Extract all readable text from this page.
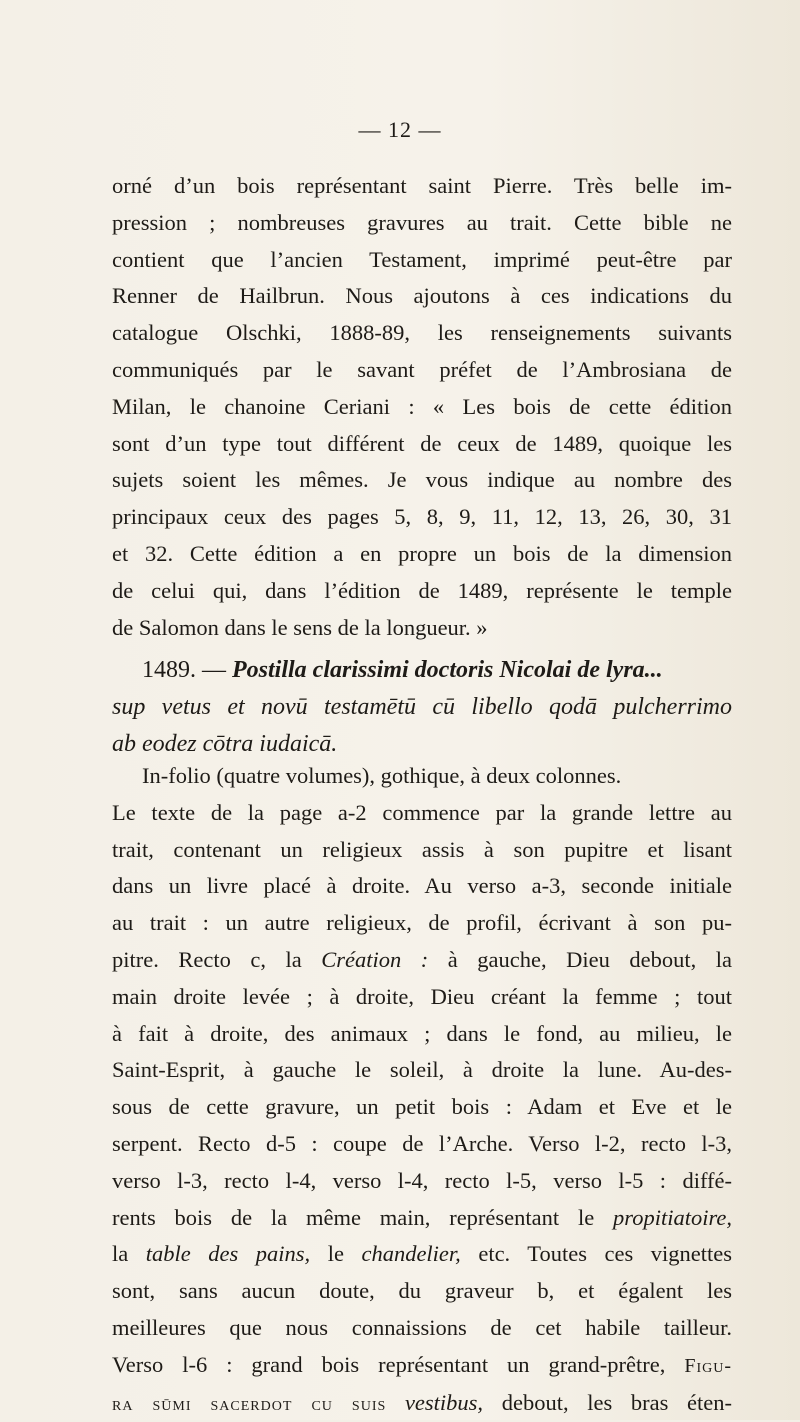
— 12 —
orné d’un bois représentant saint Pierre. Très belle im-
pression ; nombreuses gravures au trait. Cette bible ne
contient que l’ancien Testament, imprimé peut-être par
Renner de Hailbrun. Nous ajoutons à ces indications du
catalogue Olschki, 1888-89, les renseignements suivants
communiqués par le savant préfet de l’Ambrosiana de
Milan, le chanoine Ceriani : « Les bois de cette édition
sont d’un type tout différent de ceux de 1489, quoique les
sujets soient les mêmes. Je vous indique au nombre des
principaux ceux des pages 5, 8, 9, 11, 12, 13, 26, 30, 31
et 32. Cette édition a en propre un bois de la dimension
de celui qui, dans l’édition de 1489, représente le temple
de Salomon dans le sens de la longueur. »
1489. — Postilla clarissimi doctoris Nicolai de lyra...
sup vetus et novū testamētū cū libello qodā pulcherrimo
ab eodez cōtra iudaicā.
In-folio (quatre volumes), gothique, à deux colonnes.
Le texte de la page a-2 commence par la grande lettre au
trait, contenant un religieux assis à son pupitre et lisant
dans un livre placé à droite. Au verso a-3, seconde initiale
au trait : un autre religieux, de profil, écrivant à son pu-
pitre. Recto c, la Création : à gauche, Dieu debout, la
main droite levée ; à droite, Dieu créant la femme ; tout
à fait à droite, des animaux ; dans le fond, au milieu, le
Saint-Esprit, à gauche le soleil, à droite la lune. Au-des-
sous de cette gravure, un petit bois : Adam et Eve et le
serpent. Recto d-5 : coupe de l’Arche. Verso l-2, recto l-3,
verso l-3, recto l-4, verso l-4, recto l-5, verso l-5 : diffé-
rents bois de la même main, représentant le propitiatoire,
la table des pains, le chandelier, etc. Toutes ces vignettes
sont, sans aucun doute, du graveur b, et égalent les
meilleures que nous connaissions de cet habile tailleur.
Verso l-6 : grand bois représentant un grand-prêtre, Figu-
ra sūmi sacerdot cu suis vestibus, debout, les bras éten-
